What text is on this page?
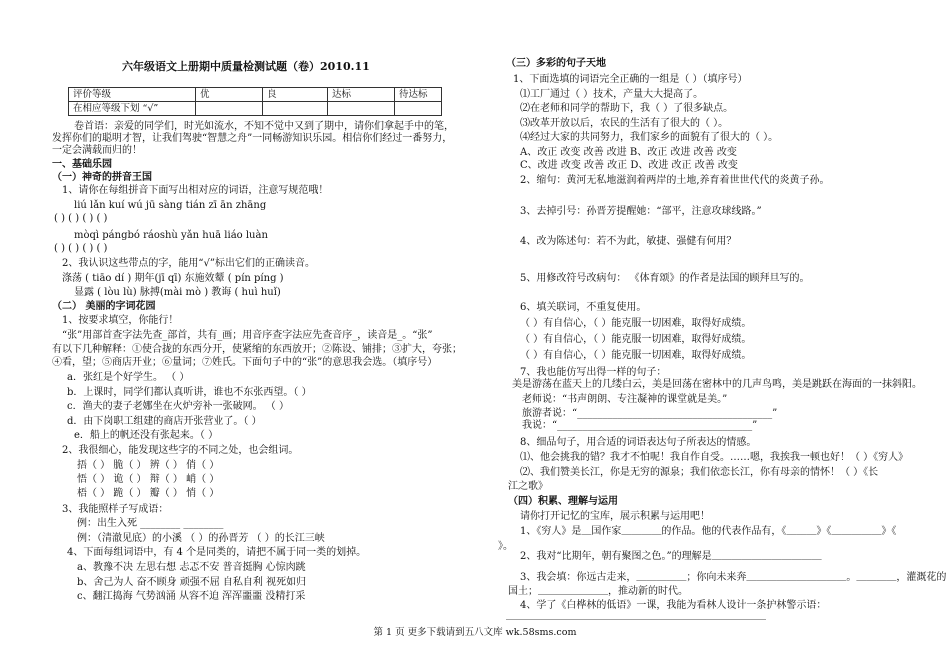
六年级语文上册期中质量检测试题（卷）2010.11
评价等级	优	良	达标	待达标
在相应等级下划 “√”				
卷首语：亲爱的同学们，时光如流水，不知不觉中又到了期中，请你们拿起手中的笔，
发挥你们的聪明才智，让我们驾驶“智慧之舟”一同畅游知识乐园。相信你们经过一番努力，
一定会满载而归的！
一、基础乐园
（一）神奇的拼音王国
1、请你在每组拼音下面写出相对应的词语，注意写规范哦！
liú lǎn kuí wú jū sàng tián zī ān zhāng
( ) ( ) ( ) ( )
mòqì pángbó ráoshù yǎn huā liáo luàn
( ) ( ) ( ) ( )
2、我认识这些带点的字，能用“√”标出它们的正确读音。
涤荡 ( tiāo dí ) 期年(jī qī) 东施效颦 ( pín píng )
显露 ( lòu lù) 脉搏(mài mò ) 教诲 ( huì huǐ)
（二） 美丽的字词花园
1、按要求填空，你能行！
“张”用部首查字法先查_部首，共有_画；用音序查字法应先查音序_，读音是_。“张”
有以下几种解释：①使合拢的东西分开，使紧缩的东西放开；②陈设、铺排；③扩大，夸张；
④看，望；⑤商店开业；⑥量词；⑦姓氏。下面句子中的“张”的意思我会选。（填序号）
a．张红是个好学生。 （ ）
b．上课时，同学们都认真听讲，谁也不东张西望。（ ）
c．渔夫的妻子老娜坐在火炉旁补一张破网。 （ ）
d．由下岗职工组建的商店开张营业了。（ ）
e．船上的帆还没有张起来。（ ）
2、我很细心，能发现这些字的不同之处，也会组词。
捂（ ） 脆（ ） 辨（ ） 俏（ ）
悟（ ） 诡（ ） 辩（ ） 峭（ ）
梧（ ） 跪（ ） 瓣（ ） 悄（ ）
3、我能照样子写成语：
例：出生入死 ________ ________
例：（清澈见底）的小溪 （ ）的孙晋芳 （ ）的长江三峡
4、下面每组词语中，有 4 个是同类的，请把不属于同一类的划掉。
a、教豫不决 左思右想 忐忑不安 普音挺胸 心惊肉跳
b、舍己为人 奋不顾身 顽强不屈 自私自利 视死如归
c、翻江捣海 气势汹涌 从容不迫 浑浑噩噩 没精打采
（三）多彩的句子天地
1、下面选填的词语完全正确的一组是（ ）（填序号）
⑴工厂通过（ ）技术，产量大大提高了。
⑵在老师和同学的帮助下，我（ ）了很多缺点。
⑶改革开放以后，农民的生活有了很大的（ ）。
⑷经过大家的共同努力，我们家乡的面貌有了很大的（ ）。
A、改正 改变 改善 改进 B、改正 改进 改善 改变
C、改进 改变 改善 改正 D、改进 改正 改善 改变
2、缩句：黄河无私地滋润着两岸的土地,养育着世世代代的炎黄子孙。
3、去掉引号：孙晋芳提醒她：“部平，注意攻球线路。”
4、改为陈述句：若不为此，敏捷、强健有何用？
5、用修改符号改病句： 《体育颂》的作者是法国的顾拜旦写的。
6、填关联词，不重复使用。
（ ）有自信心，（ ）能克服一切困难，取得好成绩。
（ ）有自信心，（ ）能克服一切困难，取得好成绩。
（ ）有自信心，（ ）能克服一切困难，取得好成绩。
7、我也能仿写出得一样的句子：
美是游荡在蓝天上的几缕白云，美是回荡在密林中的几声鸟鸣，美是跳跃在海面的一抹斜阳。
老师说：“书声朗朗、专注凝神的课堂就是美。”
旅游者说：“_______________________________________”
我说：“_______________________________________”
8、细品句子，用合适的词语表达句子所表达的情感。
⑴、他会挑我的错？我才不怕呢！我自作自受。……嗯，我挨我一顿也好！（ ）《穷人》
⑵、我们赞美长江，你是无穷的源泉；我们依恋长江，你有母亲的情怀！（ ）《长
江之歌》
（四）积累、理解与运用
请你打开记忆的宝库，展示积累与运用吧！
1、《穷人》是＿国作家＿＿＿＿的作品。他的代表作品有，《＿＿＿》《＿＿＿＿＿》《
》。
2、我对“比期年，朝有聚图之色。”的理解是＿＿＿＿＿＿＿＿＿＿＿
3、我会填：你远古走来，＿＿＿＿＿；你向未来奔＿＿＿＿＿＿＿＿＿＿。＿＿＿＿，灌溉花的
国土；＿＿＿＿＿＿＿，推动新的时代。
4、学了《白桦林的低语》一课，我能为看林人设计一条护林警示语：
____________________________________________________
第 1 页 更多下载请到五八文库 wk.58sms.com
